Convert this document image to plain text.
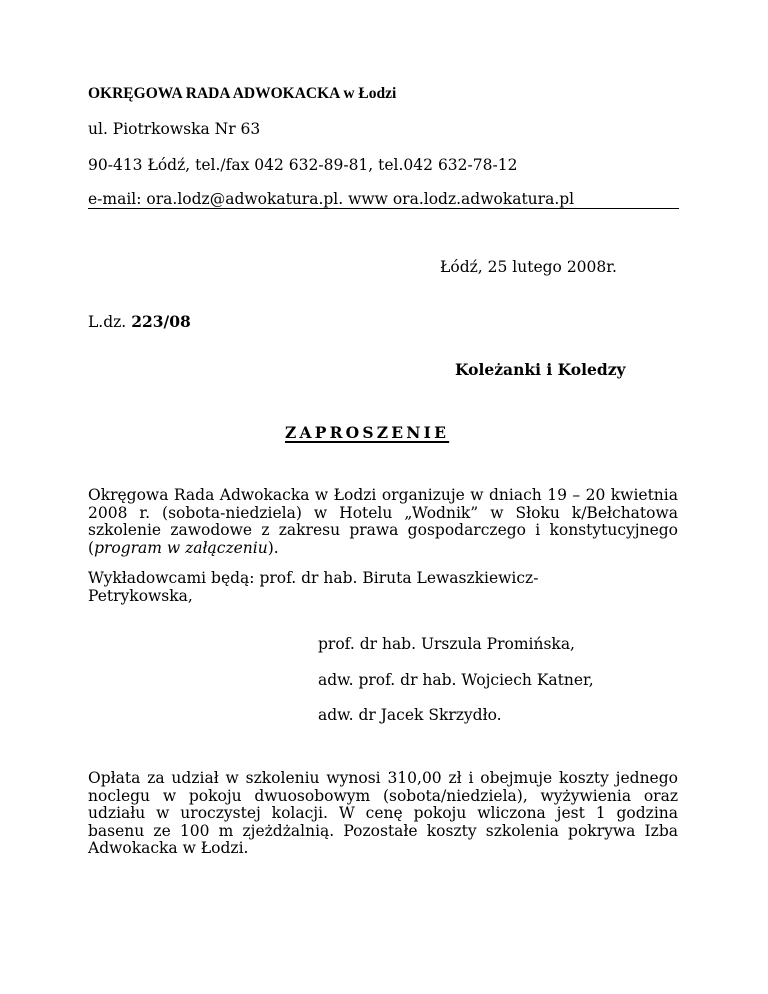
OKRĘGOWA RADA ADWOKACKA w Łodzi
ul. Piotrkowska Nr 63
90-413 Łódź, tel./fax 042 632-89-81, tel.042 632-78-12
e-mail: ora.lodz@adwokatura.pl. www ora.lodz.adwokatura.pl
Łódź, 25 lutego 2008r.
L.dz. 223/08
Koleżanki i Koledzy
ZAPROSZENIE
Okręgowa Rada Adwokacka w Łodzi organizuje w dniach 19 – 20 kwietnia 2008 r. (sobota-niedziela) w Hotelu „Wodnik” w Słoku k/Bełchatowa szkolenie zawodowe z zakresu prawa gospodarczego i konstytucyjnego (program w załączeniu).
Wykładowcami będą: prof. dr hab. Biruta Lewaszkiewicz-
Petrykowska,
prof. dr hab. Urszula Promińska,
adw. prof. dr hab. Wojciech Katner,
adw. dr Jacek Skrzydło.
Opłata za udział w szkoleniu wynosi 310,00 zł i obejmuje koszty jednego noclegu w pokoju dwuosobowym (sobota/niedziela), wyżywienia oraz udziału w uroczystej kolacji. W cenę pokoju wliczona jest 1 godzina basenu ze 100 m zjeżdżalnią. Pozostałe koszty szkolenia pokrywa Izba Adwokacka w Łodzi.
